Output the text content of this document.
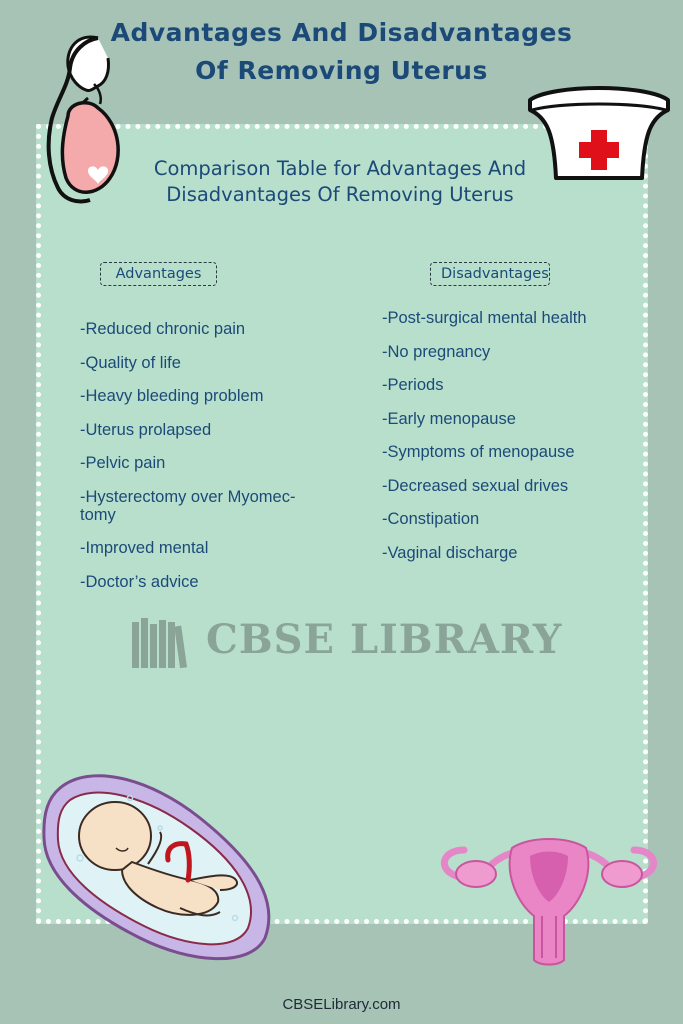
Advantages And Disadvantages
Of Removing Uterus
Comparison Table for Advantages And
Disadvantages Of Removing Uterus
Advantages	Disadvantages
-Reduced chronic pain
-Quality of life
-Heavy bleeding problem
-Uterus prolapsed
-Pelvic pain
-Hysterectomy over Myomec-
tomy
-Improved mental
-Doctor’s advice
-Post-surgical mental health
-No pregnancy
-Periods
-Early menopause
-Symptoms of menopause
-Decreased sexual drives
-Constipation
-Vaginal discharge
CBSE LIBRARY
CBSELibrary.com
